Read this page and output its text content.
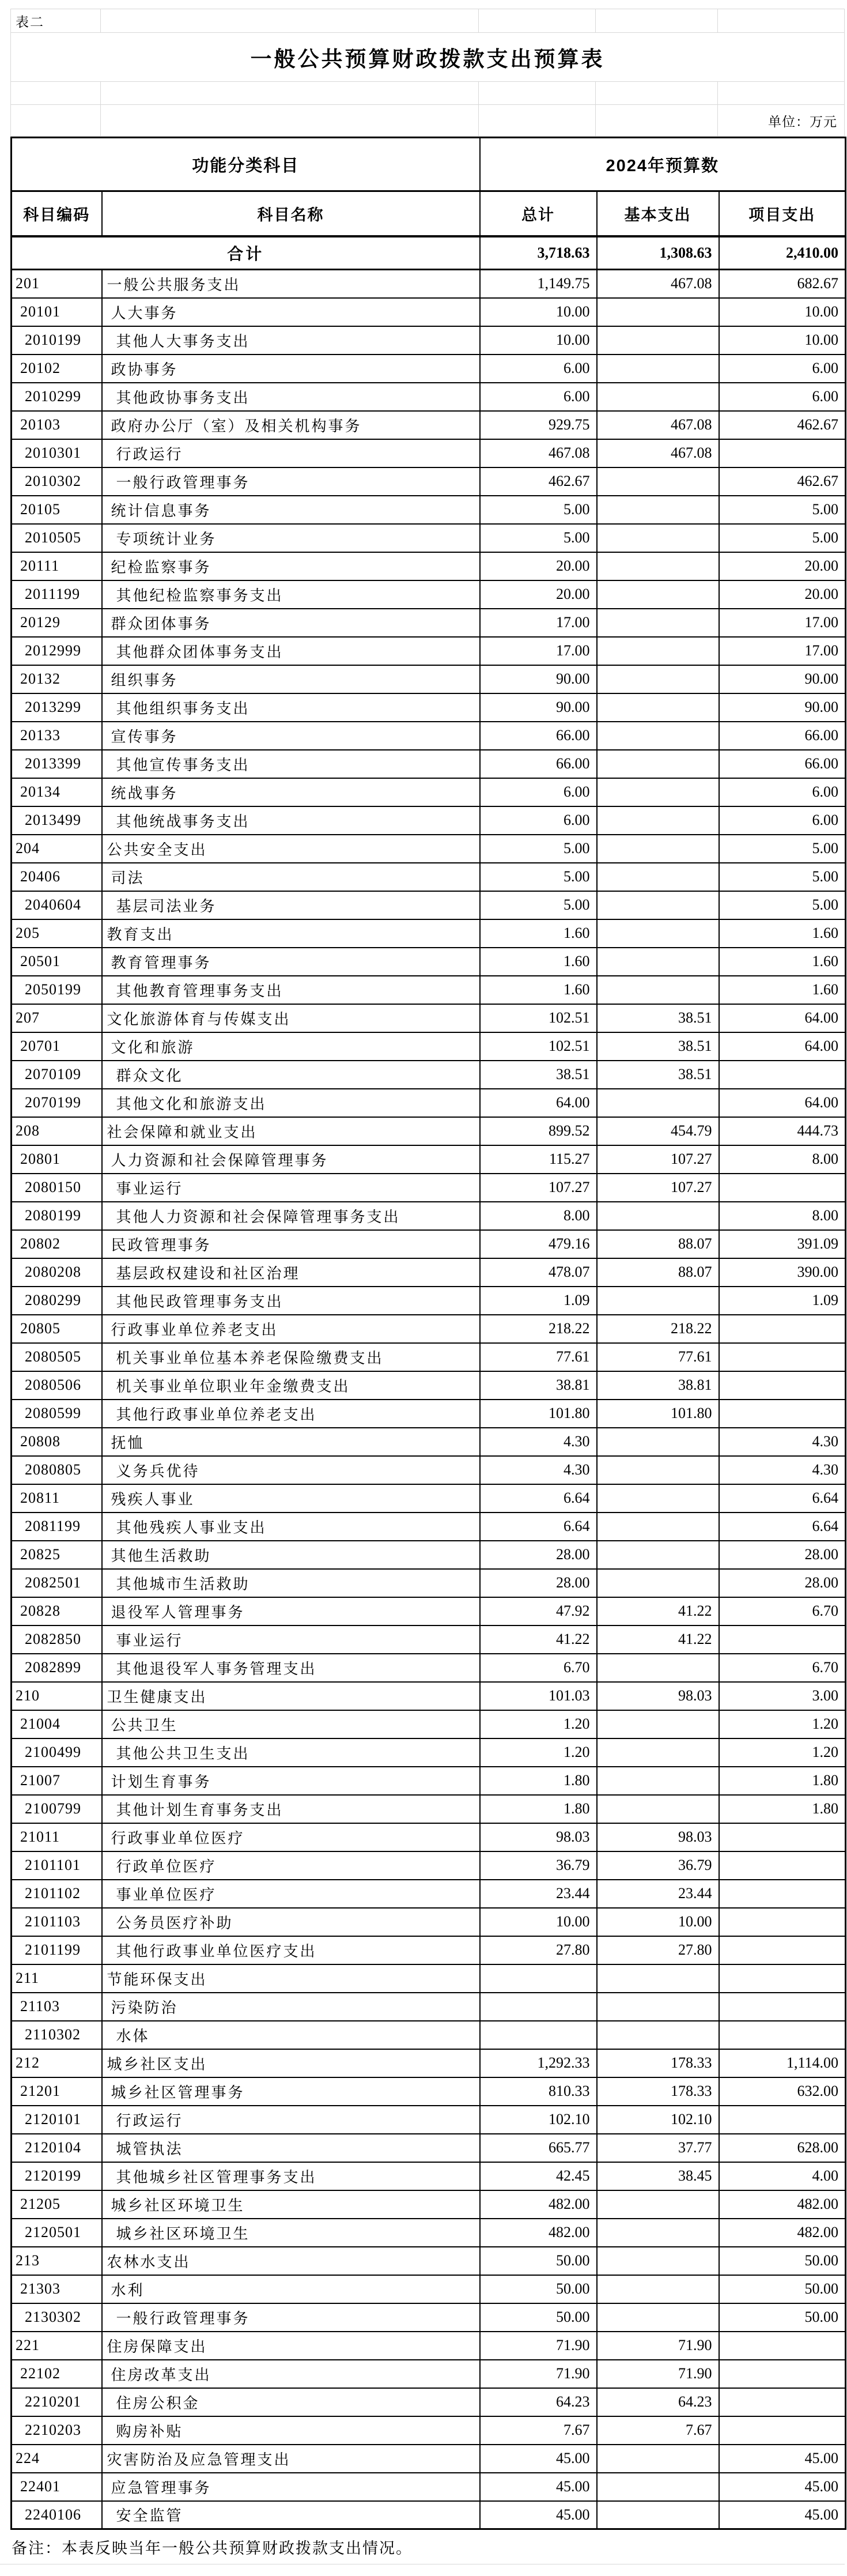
表二
一般公共预算财政拨款支出预算表
单位：万元
功能分类科目		2024年预算数		
科目编码	科目名称	总计	基本支出	项目支出
合计		3,718.63	1,308.63	2,410.00
201	一般公共服务支出	1,149.75	467.08	682.67
20101	人大事务	10.00		10.00
2010199	其他人大事务支出	10.00		10.00
20102	政协事务	6.00		6.00
2010299	其他政协事务支出	6.00		6.00
20103	政府办公厅（室）及相关机构事务	929.75	467.08	462.67
2010301	行政运行	467.08	467.08	
2010302	一般行政管理事务	462.67		462.67
20105	统计信息事务	5.00		5.00
2010505	专项统计业务	5.00		5.00
20111	纪检监察事务	20.00		20.00
2011199	其他纪检监察事务支出	20.00		20.00
20129	群众团体事务	17.00		17.00
2012999	其他群众团体事务支出	17.00		17.00
20132	组织事务	90.00		90.00
2013299	其他组织事务支出	90.00		90.00
20133	宣传事务	66.00		66.00
2013399	其他宣传事务支出	66.00		66.00
20134	统战事务	6.00		6.00
2013499	其他统战事务支出	6.00		6.00
204	公共安全支出	5.00		5.00
20406	司法	5.00		5.00
2040604	基层司法业务	5.00		5.00
205	教育支出	1.60		1.60
20501	教育管理事务	1.60		1.60
2050199	其他教育管理事务支出	1.60		1.60
207	文化旅游体育与传媒支出	102.51	38.51	64.00
20701	文化和旅游	102.51	38.51	64.00
2070109	群众文化	38.51	38.51	
2070199	其他文化和旅游支出	64.00		64.00
208	社会保障和就业支出	899.52	454.79	444.73
20801	人力资源和社会保障管理事务	115.27	107.27	8.00
2080150	事业运行	107.27	107.27	
2080199	其他人力资源和社会保障管理事务支出	8.00		8.00
20802	民政管理事务	479.16	88.07	391.09
2080208	基层政权建设和社区治理	478.07	88.07	390.00
2080299	其他民政管理事务支出	1.09		1.09
20805	行政事业单位养老支出	218.22	218.22	
2080505	机关事业单位基本养老保险缴费支出	77.61	77.61	
2080506	机关事业单位职业年金缴费支出	38.81	38.81	
2080599	其他行政事业单位养老支出	101.80	101.80	
20808	抚恤	4.30		4.30
2080805	义务兵优待	4.30		4.30
20811	残疾人事业	6.64		6.64
2081199	其他残疾人事业支出	6.64		6.64
20825	其他生活救助	28.00		28.00
2082501	其他城市生活救助	28.00		28.00
20828	退役军人管理事务	47.92	41.22	6.70
2082850	事业运行	41.22	41.22	
2082899	其他退役军人事务管理支出	6.70		6.70
210	卫生健康支出	101.03	98.03	3.00
21004	公共卫生	1.20		1.20
2100499	其他公共卫生支出	1.20		1.20
21007	计划生育事务	1.80		1.80
2100799	其他计划生育事务支出	1.80		1.80
21011	行政事业单位医疗	98.03	98.03	
2101101	行政单位医疗	36.79	36.79	
2101102	事业单位医疗	23.44	23.44	
2101103	公务员医疗补助	10.00	10.00	
2101199	其他行政事业单位医疗支出	27.80	27.80	
211	节能环保支出			
21103	污染防治			
2110302	水体			
212	城乡社区支出	1,292.33	178.33	1,114.00
21201	城乡社区管理事务	810.33	178.33	632.00
2120101	行政运行	102.10	102.10	
2120104	城管执法	665.77	37.77	628.00
2120199	其他城乡社区管理事务支出	42.45	38.45	4.00
21205	城乡社区环境卫生	482.00		482.00
2120501	城乡社区环境卫生	482.00		482.00
213	农林水支出	50.00		50.00
21303	水利	50.00		50.00
2130302	一般行政管理事务	50.00		50.00
221	住房保障支出	71.90	71.90	
22102	住房改革支出	71.90	71.90	
2210201	住房公积金	64.23	64.23	
2210203	购房补贴	7.67	7.67	
224	灾害防治及应急管理支出	45.00		45.00
22401	应急管理事务	45.00		45.00
2240106	安全监管	45.00		45.00
备注：本表反映当年一般公共预算财政拨款支出情况。
